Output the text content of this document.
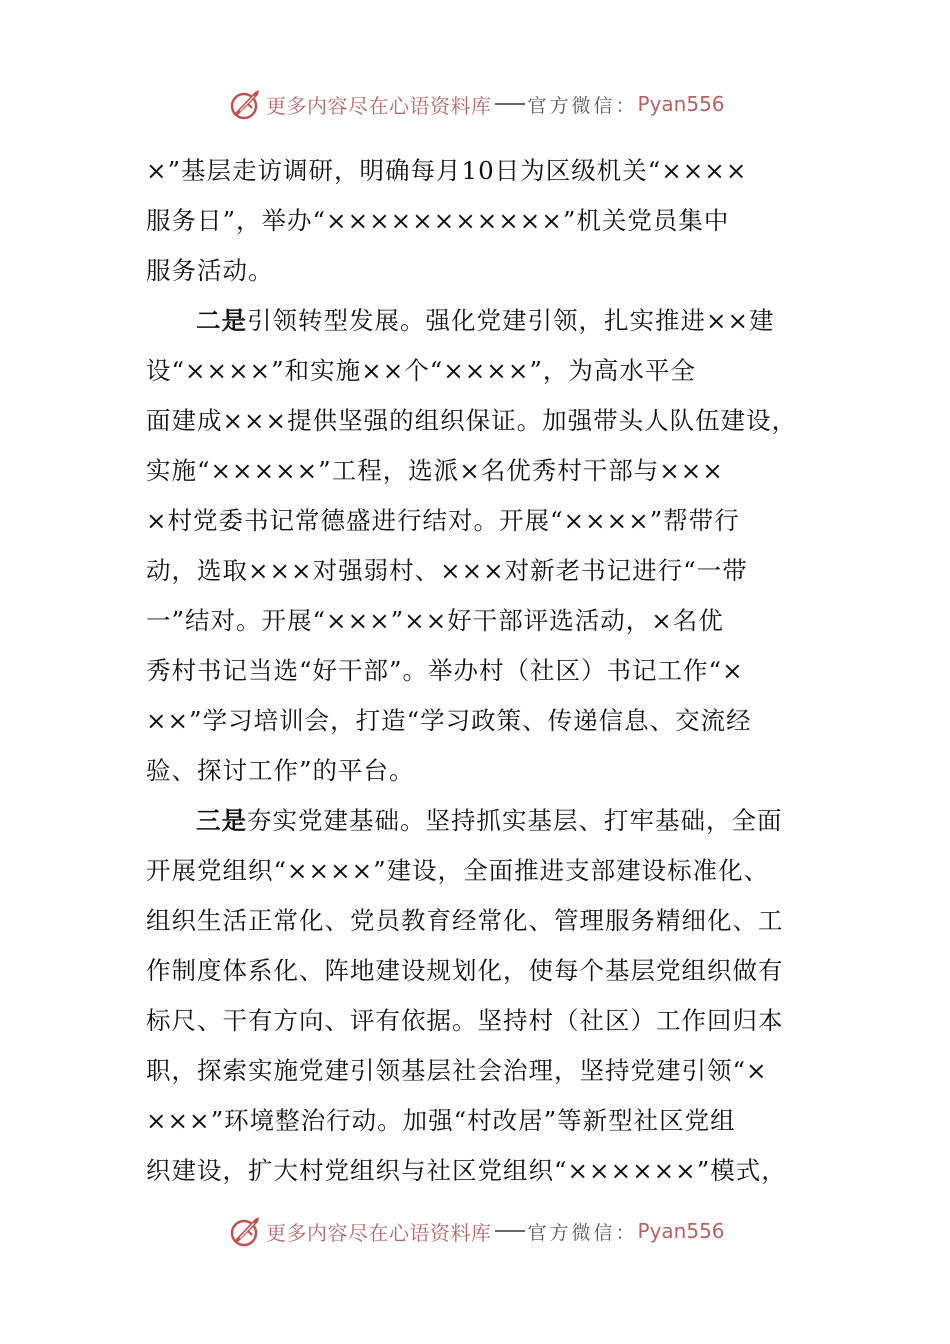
更多内容尽在心语资料库 官方微信： Pyan556
×”基层走访调研，明确每月10日为区级机关“××××
服务日”，举办“×××××××××××”机关党员集中
服务活动。
二是引领转型发展。强化党建引领，扎实推进××建
设“××××”和实施××个“××××”，为高水平全
面建成×××提供坚强的组织保证。加强带头人队伍建设，
实施“×××××”工程，选派×名优秀村干部与×××
×村党委书记常德盛进行结对。开展“××××”帮带行
动，选取×××对强弱村、×××对新老书记进行“一带
一”结对。开展“×××”××好干部评选活动，×名优
秀村书记当选“好干部”。举办村（社区）书记工作“×
××”学习培训会，打造“学习政策、传递信息、交流经
验、探讨工作”的平台。
三是夯实党建基础。坚持抓实基层、打牢基础，全面
开展党组织“××××”建设，全面推进支部建设标准化、
组织生活正常化、党员教育经常化、管理服务精细化、工
作制度体系化、阵地建设规划化，使每个基层党组织做有
标尺、干有方向、评有依据。坚持村（社区）工作回归本
职，探索实施党建引领基层社会治理，坚持党建引领“×
×××”环境整治行动。加强“村改居”等新型社区党组
织建设，扩大村党组织与社区党组织“××××××”模式，
更多内容尽在心语资料库 官方微信： Pyan556
